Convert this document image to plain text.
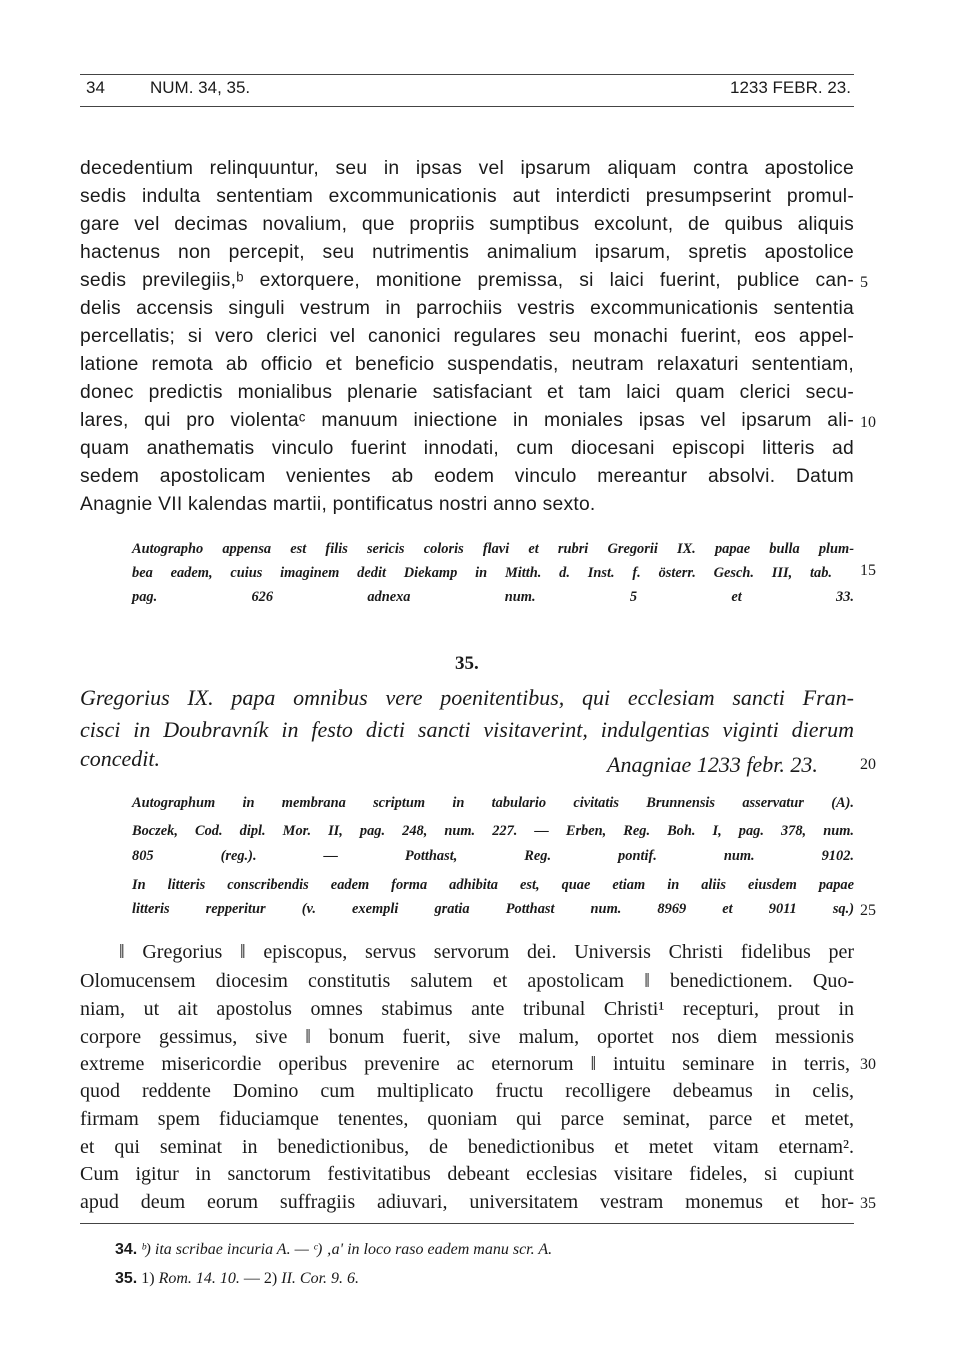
34	NUM. 34, 35.	1233 FEBR. 23.
decedentium relinquuntur, seu in ipsas vel ipsarum aliquam contra apostolice
sedis indulta sententiam excommunicationis aut interdicti presumpserint promul-
gare vel decimas novalium, que propriis sumptibus excolunt, de quibus aliquis
hactenus non percepit, seu nutrimentis animalium ipsarum, spretis apostolice
sedis previlegiis,ᵇ extorquere, monitione premissa, si laici fuerint, publice can-
delis accensis singuli vestrum in parrochiis vestris excommunicationis sententia
percellatis; si vero clerici vel canonici regulares seu monachi fuerint, eos appel-
latione remota ab officio et beneficio suspendatis, neutram relaxaturi sententiam,
donec predictis monialibus plenarie satisfaciant et tam laici quam clerici secu-
lares, qui pro violentaᶜ manuum iniectione in moniales ipsas vel ipsarum ali-
quam anathematis vinculo fuerint innodati, cum diocesani episcopi litteris ad
sedem apostolicam venientes ab eodem vinculo mereantur absolvi. Datum
Anagnie VII kalendas martii, pontificatus nostri anno sexto.
Autographo appensa est filis sericis coloris flavi et rubri Gregorii IX. papae bulla plum-
bea eadem, cuius imaginem dedit Diekamp in Mitth. d. Inst. f. österr. Gesch. III, tab.
pag. 626 adnexa num. 5 et 33.
35.
Gregorius IX. papa omnibus vere poenitentibus, qui ecclesiam sancti Fran-
cisci in Doubravník in festo dicti sancti visitaverint, indulgentias viginti dierum
concedit.	Anagniae 1233 febr. 23.
Autographum in membrana scriptum in tabulario civitatis Brunnensis asservatur (A).
Boczek, Cod. dipl. Mor. II, pag. 248, num. 227. — Erben, Reg. Boh. I, pag. 378, num.
805 (reg.). — Potthast, Reg. pontif. num. 9102.
In litteris conscribendis eadem forma adhibita est, quae etiam in aliis eiusdem papae
litteris repperitur (v. exempli gratia Potthast num. 8969 et 9011 sq.)
‖ Gregorius ‖ episcopus, servus servorum dei. Universis Christi fidelibus per
Olomucensem diocesim constitutis salutem et apostolicam ‖ benedictionem. Quo-
niam, ut ait apostolus omnes stabimus ante tribunal Christi¹ recepturi, prout in
corpore gessimus, sive ‖ bonum fuerit, sive malum, oportet nos diem messionis
extreme misericordie operibus prevenire ac eternorum ‖ intuitu seminare in terris,
quod reddente Domino cum multiplicato fructu recolligere debeamus in celis,
firmam spem fiduciamque tenentes, quoniam qui parce seminat, parce et metet,
et qui seminat in benedictionibus, de benedictionibus et metet vitam eternam².
Cum igitur in sanctorum festivitatibus debeant ecclesias visitare fideles, si cupiunt
apud deum eorum suffragiis adiuvari, universitatem vestram monemus et hor-
5
10
15
20
25
30
35
34. ᵇ) ita scribae incuria A. — ᶜ) ‚a' in loco raso eadem manu scr. A.
35. 1) Rom. 14. 10. — 2) II. Cor. 9. 6.
